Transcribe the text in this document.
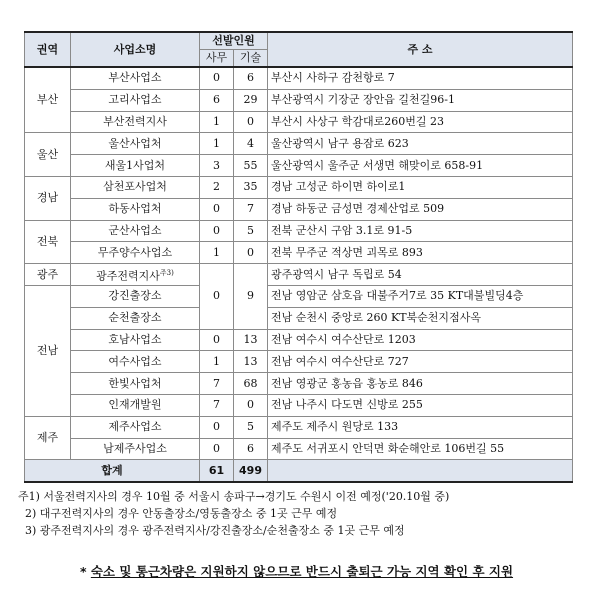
권역	사업소명	선발인원		주 소
		사무	기술	
부산	부산사업소	0	6	부산시 사하구 감천항로 7
	고리사업소	6	29	부산광역시 기장군 장안읍 길천길96-1
	부산전력지사	1	0	부산시 사상구 학감대로260번길 23
울산	울산사업처	1	4	울산광역시 남구 용잠로 623
	새울1사업처	3	55	울산광역시 울주군 서생면 해맞이로 658-91
경남	삼천포사업처	2	35	경남 고성군 하이면 하이로1
	하동사업처	0	7	경남 하동군 금성면 경제산업로 509
전북	군산사업소	0	5	전북 군산시 구암 3.1로 91-5
	무주양수사업소	1	0	전북 무주군 적상면 괴목로 893
광주	광주전력지사$^{주3)}$	0	9	광주광역시 남구 독립로 54
전남	강진출장소			전남 영암군 삼호읍 대불주거7로 35 KT대불빌딩4층
	순천출장소			전남 순천시 중앙로 260 KT북순천지점사옥
	호남사업소	0	13	전남 여수시 여수산단로 1203
	여수사업소	1	13	전남 여수시 여수산단로 727
	한빛사업처	7	68	전남 영광군 홍농읍 홍농로 846
	인재개발원	7	0	전남 나주시 다도면 신방로 255
제주	제주사업소	0	5	제주도 제주시 원당로 133
	남제주사업소	0	6	제주도 서귀포시 안덕면 화순해안로 106번길 55
합계		61	499	
주1) 서울전력지사의 경우 10월 중 서울시 송파구→경기도 수원시 이전 예정('20.10월 중)
2) 대구전력지사의 경우 안동출장소/영동출장소 중 1곳 근무 예정
3) 광주전력지사의 경우 광주전력지사/강진출장소/순천출장소 중 1곳 근무 예정
* 숙소 및 통근차량은 지원하지 않으므로 반드시 출퇴근 가능 지역 확인 후 지원
